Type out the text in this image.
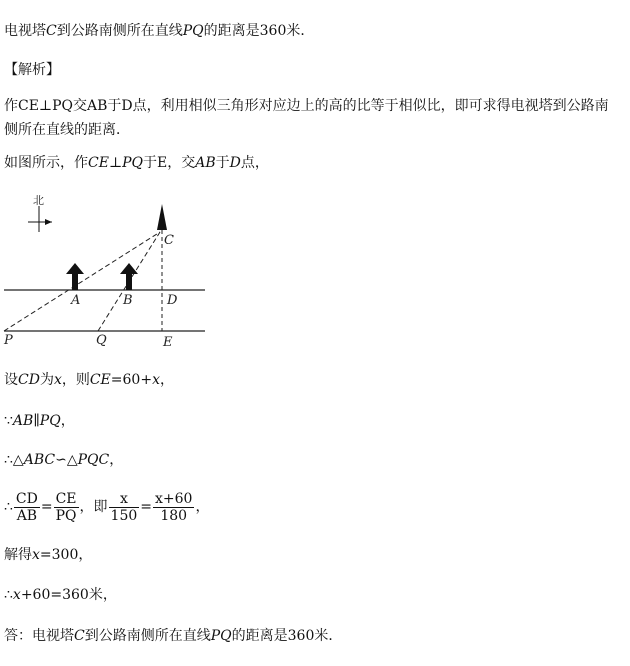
电视塔C到公路南侧所在直线PQ的距离是360米．
【解析】
作CE⊥PQ交AB于D点，利用相似三角形对应边上的高的比等于相似比，即可求得电视塔到公路南侧所在直线的距离．
如图所示，作CE⊥PQ于E，交AB于D点，
北
C
A	B	D
P	Q	E
设CD为x，则CE=60+x，
∵AB∥PQ，
∴△ABC∽△PQC，
∴ $\frac{CD}{AB} = \frac{CE}{PQ}$ ，即 $\frac{x}{150} = \frac{x+60}{180}$ ，
解得x=300，
∴x+60=360米，
答：电视塔C到公路南侧所在直线PQ的距离是360米．
